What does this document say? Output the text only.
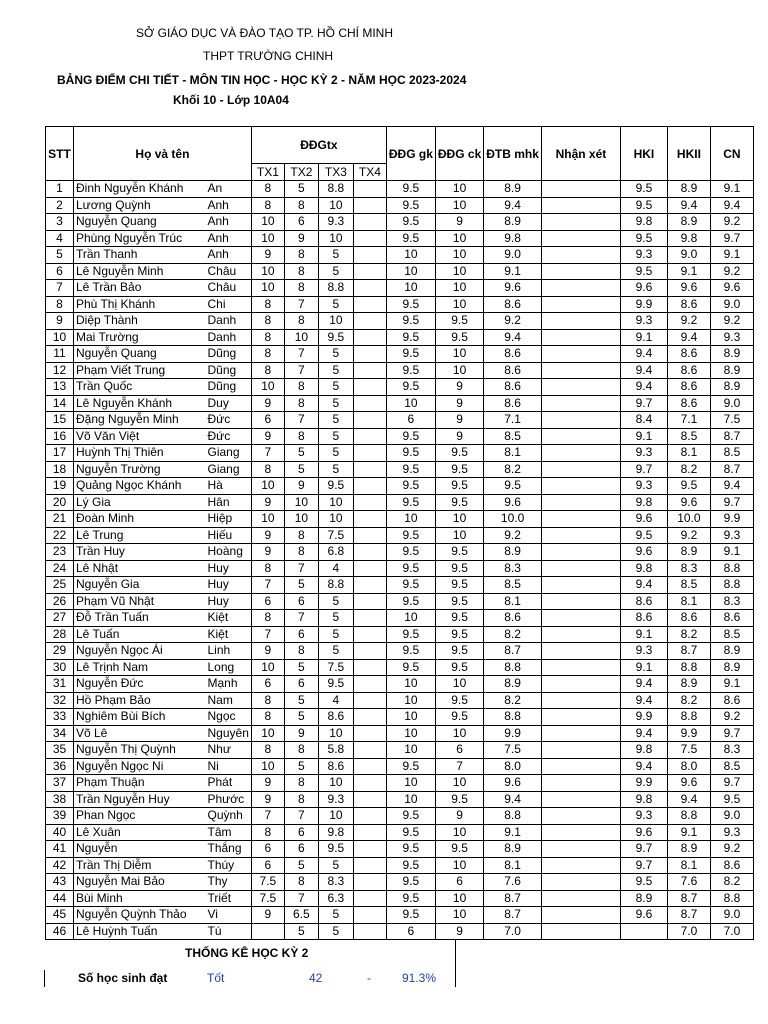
SỞ GIÁO DỤC VÀ ĐÀO TẠO TP. HỒ CHÍ MINH
THPT TRƯỜNG CHINH
BẢNG ĐIỂM CHI TIẾT - MÔN TIN HỌC - HỌC KỲ 2 - NĂM HỌC 2023-2024
Khối 10 - Lớp 10A04
STT	Họ và tên		ĐĐGtx				ĐĐG gk	ĐĐG ck	ĐTB mhk	Nhận xét	HKI	HKII	CN
			TX1	TX2	TX3	TX4							
1	Đinh Nguyễn Khánh	An	8	5	8.8		9.5	10	8.9		9.5	8.9	9.1
2	Lương Quỳnh	Anh	8	8	10		9.5	10	9.4		9.5	9.4	9.4
3	Nguyễn Quang	Anh	10	6	9.3		9.5	9	8.9		9.8	8.9	9.2
4	Phùng Nguyễn Trúc	Anh	10	9	10		9.5	10	9.8		9.5	9.8	9.7
5	Trần Thanh	Anh	9	8	5		10	10	9.0		9.3	9.0	9.1
6	Lê Nguyễn Minh	Châu	10	8	5		10	10	9.1		9.5	9.1	9.2
7	Lê Trần Bảo	Châu	10	8	8.8		10	10	9.6		9.6	9.6	9.6
8	Phù Thị Khánh	Chi	8	7	5		9.5	10	8.6		9.9	8.6	9.0
9	Diệp Thành	Danh	8	8	10		9.5	9.5	9.2		9.3	9.2	9.2
10	Mai Trường	Danh	8	10	9.5		9.5	9.5	9.4		9.1	9.4	9.3
11	Nguyễn Quang	Dũng	8	7	5		9.5	10	8.6		9.4	8.6	8.9
12	Phạm Viết Trung	Dũng	8	7	5		9.5	10	8.6		9.4	8.6	8.9
13	Trần Quốc	Dũng	10	8	5		9.5	9	8.6		9.4	8.6	8.9
14	Lê Nguyễn Khánh	Duy	9	8	5		10	9	8.6		9.7	8.6	9.0
15	Đặng Nguyễn Minh	Đức	6	7	5		6	9	7.1		8.4	7.1	7.5
16	Võ Văn Việt	Đức	9	8	5		9.5	9	8.5		9.1	8.5	8.7
17	Huỳnh Thị Thiên	Giang	7	5	5		9.5	9.5	8.1		9.3	8.1	8.5
18	Nguyễn Trường	Giang	8	5	5		9.5	9.5	8.2		9.7	8.2	8.7
19	Quảng Ngọc Khánh	Hà	10	9	9.5		9.5	9.5	9.5		9.3	9.5	9.4
20	Lý Gia	Hân	9	10	10		9.5	9.5	9.6		9.8	9.6	9.7
21	Đoàn Minh	Hiệp	10	10	10		10	10	10.0		9.6	10.0	9.9
22	Lê Trung	Hiếu	9	8	7.5		9.5	10	9.2		9.5	9.2	9.3
23	Trần Huy	Hoàng	9	8	6.8		9.5	9.5	8.9		9.6	8.9	9.1
24	Lê Nhật	Huy	8	7	4		9.5	9.5	8.3		9.8	8.3	8.8
25	Nguyễn Gia	Huy	7	5	8.8		9.5	9.5	8.5		9.4	8.5	8.8
26	Phạm Vũ Nhật	Huy	6	6	5		9.5	9.5	8.1		8.6	8.1	8.3
27	Đỗ Trần Tuấn	Kiệt	8	7	5		10	9.5	8.6		8.6	8.6	8.6
28	Lê Tuấn	Kiệt	7	6	5		9.5	9.5	8.2		9.1	8.2	8.5
29	Nguyễn Ngọc Ái	Linh	9	8	5		9.5	9.5	8.7		9.3	8.7	8.9
30	Lê Trịnh Nam	Long	10	5	7.5		9.5	9.5	8.8		9.1	8.8	8.9
31	Nguyễn Đức	Mạnh	6	6	9.5		10	10	8.9		9.4	8.9	9.1
32	Hồ Phạm Bảo	Nam	8	5	4		10	9.5	8.2		9.4	8.2	8.6
33	Nghiêm Bùi Bích	Ngọc	8	5	8.6		10	9.5	8.8		9.9	8.8	9.2
34	Võ Lê	Nguyên	10	9	10		10	10	9.9		9.4	9.9	9.7
35	Nguyễn Thị Quỳnh	Như	8	8	5.8		10	6	7.5		9.8	7.5	8.3
36	Nguyễn Ngọc Ni	Ni	10	5	8.6		9.5	7	8.0		9.4	8.0	8.5
37	Phạm Thuận	Phát	9	8	10		10	10	9.6		9.9	9.6	9.7
38	Trần Nguyễn Huy	Phước	9	8	9.3		10	9.5	9.4		9.8	9.4	9.5
39	Phan Ngọc	Quỳnh	7	7	10		9.5	9	8.8		9.3	8.8	9.0
40	Lê Xuân	Tâm	8	6	9.8		9.5	10	9.1		9.6	9.1	9.3
41	Nguyễn	Thắng	6	6	9.5		9.5	9.5	8.9		9.7	8.9	9.2
42	Trần Thị Diễm	Thúy	6	5	5		9.5	10	8.1		9.7	8.1	8.6
43	Nguyễn Mai Bảo	Thy	7.5	8	8.3		9.5	6	7.6		9.5	7.6	8.2
44	Bùi Minh	Triết	7.5	7	6.3		9.5	10	8.7		8.9	8.7	8.8
45	Nguyễn Quỳnh Thảo	Vi	9	6.5	5		9.5	10	8.7		9.6	8.7	9.0
46	Lê Huỳnh Tuấn	Tú		5	5		6	9	7.0			7.0	7.0
THỐNG KÊ HỌC KỲ 2
Số học sinh đạt	Tốt	42	-	91.3%
